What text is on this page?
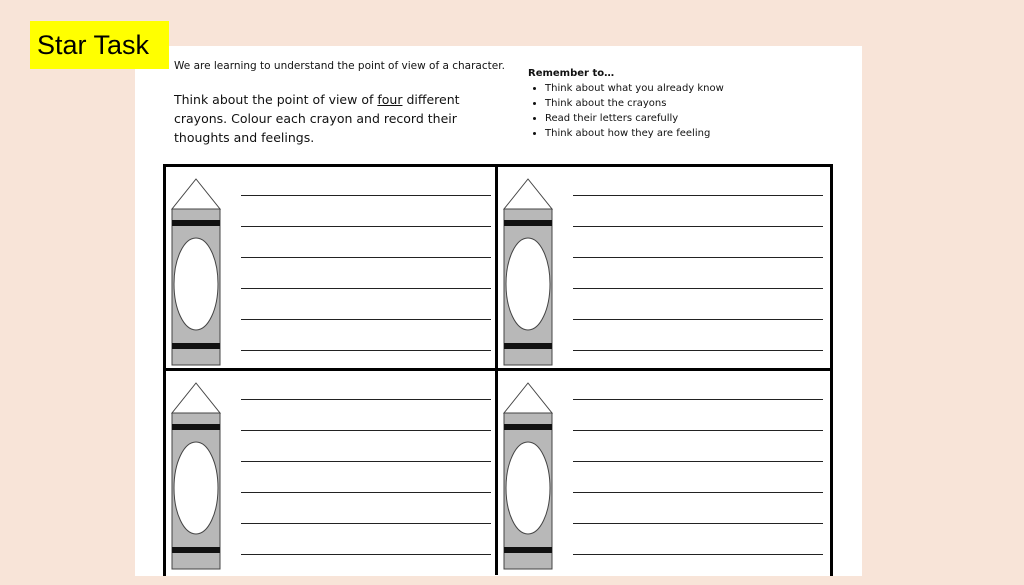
Star Task
We are learning to understand the point of view of a character.
Think about the point of view of four different crayons. Colour each crayon and record their thoughts and feelings.
Remember to…
• Think about what you already know
• Think about the crayons
• Read their letters carefully
• Think about how they are feeling
